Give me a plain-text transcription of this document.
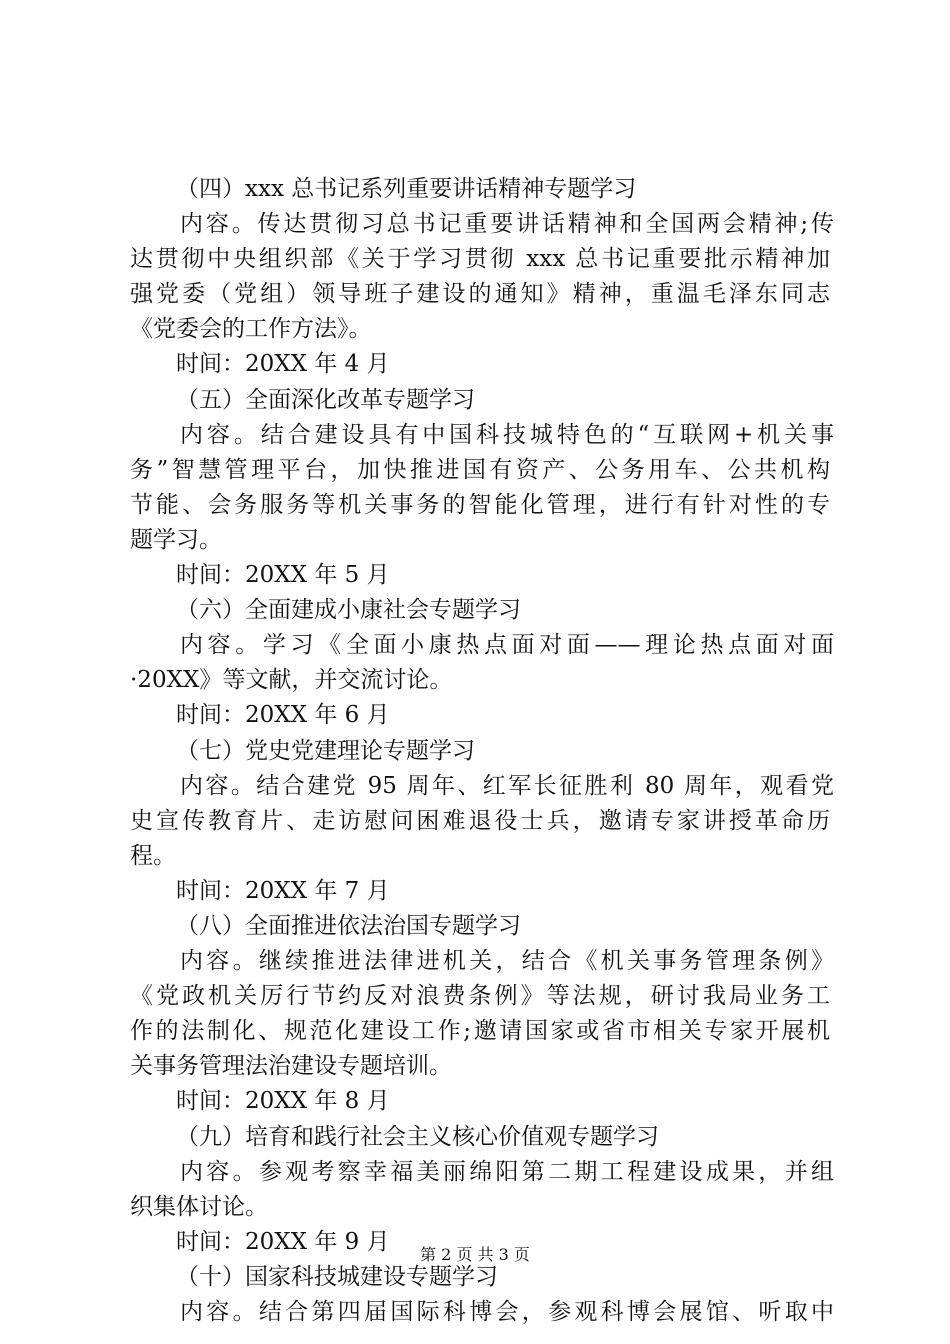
（四）xxx 总书记系列重要讲话精神专题学习
内容。传达贯彻习总书记重要讲话精神和全国两会精神;传
达贯彻中央组织部《关于学习贯彻 xxx 总书记重要批示精神加
强党委（党组）领导班子建设的通知》精神，重温毛泽东同志
《党委会的工作方法》。
时间：20XX 年 4 月
（五）全面深化改革专题学习
内容。结合建设具有中国科技城特色的“互联网+机关事
务”智慧管理平台，加快推进国有资产、公务用车、公共机构
节能、会务服务等机关事务的智能化管理，进行有针对性的专
题学习。
时间：20XX 年 5 月
（六）全面建成小康社会专题学习
内容。学习《全面小康热点面对面——理论热点面对面
·20XX》等文献，并交流讨论。
时间：20XX 年 6 月
（七）党史党建理论专题学习
内容。结合建党 95 周年、红军长征胜利 80 周年，观看党
史宣传教育片、走访慰问困难退役士兵，邀请专家讲授革命历
程。
时间：20XX 年 7 月
（八）全面推进依法治国专题学习
内容。继续推进法律进机关，结合《机关事务管理条例》
《党政机关厉行节约反对浪费条例》等法规，研讨我局业务工
作的法制化、规范化建设工作;邀请国家或省市相关专家开展机
关事务管理法治建设专题培训。
时间：20XX 年 8 月
（九）培育和践行社会主义核心价值观专题学习
内容。参观考察幸福美丽绵阳第二期工程建设成果，并组
织集体讨论。
时间：20XX 年 9 月
（十）国家科技城建设专题学习
内容。结合第四届国际科博会，参观科博会展馆、听取中
第 2 页 共 3 页
